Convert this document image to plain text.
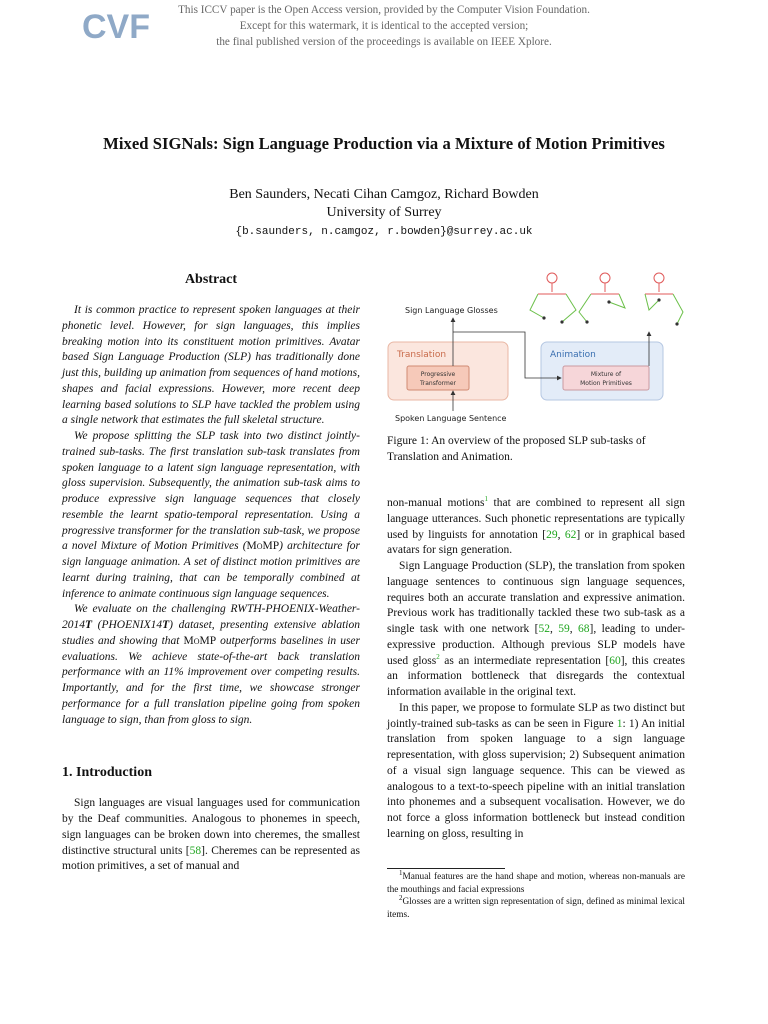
CVF	This ICCV paper is the Open Access version, provided by the Computer Vision Foundation.
Except for this watermark, it is identical to the accepted version;
the final published version of the proceedings is available on IEEE Xplore.
Mixed SIGNals: Sign Language Production via a Mixture of Motion Primitives
Ben Saunders, Necati Cihan Camgoz, Richard Bowden
University of Surrey
{b.saunders, n.camgoz, r.bowden}@surrey.ac.uk
Abstract

It is common practice to represent spoken languages at their phonetic level. However, for sign languages, this implies breaking motion into its constituent motion primitives. Avatar based Sign Language Production (SLP) has traditionally done just this, building up animation from sequences of hand motions, shapes and facial expressions. However, more recent deep learning based solutions to SLP have tackled the problem using a single network that estimates the full skeletal structure.

We propose splitting the SLP task into two distinct jointly-trained sub-tasks. The first translation sub-task translates from spoken language to a latent sign language representation, with gloss supervision. Subsequently, the animation sub-task aims to produce expressive sign language sequences that closely resemble the learnt spatio-temporal representation. Using a progressive transformer for the translation sub-task, we propose a novel Mixture of Motion Primitives (MoMP) architecture for sign language animation. A set of distinct motion primitives are learnt during training, that can be temporally combined at inference to animate continuous sign language sequences.

We evaluate on the challenging RWTH-PHOENIX-Weather-2014T (PHOENIX14T) dataset, presenting extensive ablation studies and showing that MoMP outperforms baselines in user evaluations. We achieve state-of-the-art back translation performance with an 11% improvement over competing results. Importantly, and for the first time, we showcase stronger performance for a full translation pipeline going from spoken language to sign, than from gloss to sign.

1. Introduction

Sign languages are visual languages used for communication by the Deaf communities. Analogous to phonemes in speech, sign languages can be broken down into cheremes, the smallest distinctive structural units [58]. Cheremes can be represented as motion primitives, a set of manual and

Translation
Progressive
Transformer
Animation
Mixture of
Motion Primitives
Sign Language Glosses
Spoken Language Sentence
Figure 1: An overview of the proposed SLP sub-tasks of Translation and Animation.

non-manual motions$^1$ that are combined to represent all sign language utterances. Such phonetic representations are typically used by linguists for annotation [29, 62] or in graphical based avatars for sign generation.

Sign Language Production (SLP), the translation from spoken language sentences to continuous sign language sequences, requires both an accurate translation and expressive animation. Previous work has traditionally tackled these two sub-task as a single task with one network [52, 59, 68], leading to under-expressive production. Although previous SLP models have used gloss$^2$ as an intermediate representation [60], this creates an information bottleneck that disregards the contextual information available in the original text.

In this paper, we propose to formulate SLP as two distinct but jointly-trained sub-tasks as can be seen in Figure 1: 1) An initial translation from spoken language to a sign language representation, with gloss supervision; 2) Subsequent animation of a visual sign language sequence. This can be viewed as analogous to a text-to-speech pipeline with an initial translation into phonemes and a subsequent vocalisation. However, we do not force a gloss information bottleneck but instead condition learning on gloss, resulting in

$^1$Manual features are the hand shape and motion, whereas non-manuals are the mouthings and facial expressions

$^2$Glosses are a written sign representation of sign, defined as minimal lexical items.
